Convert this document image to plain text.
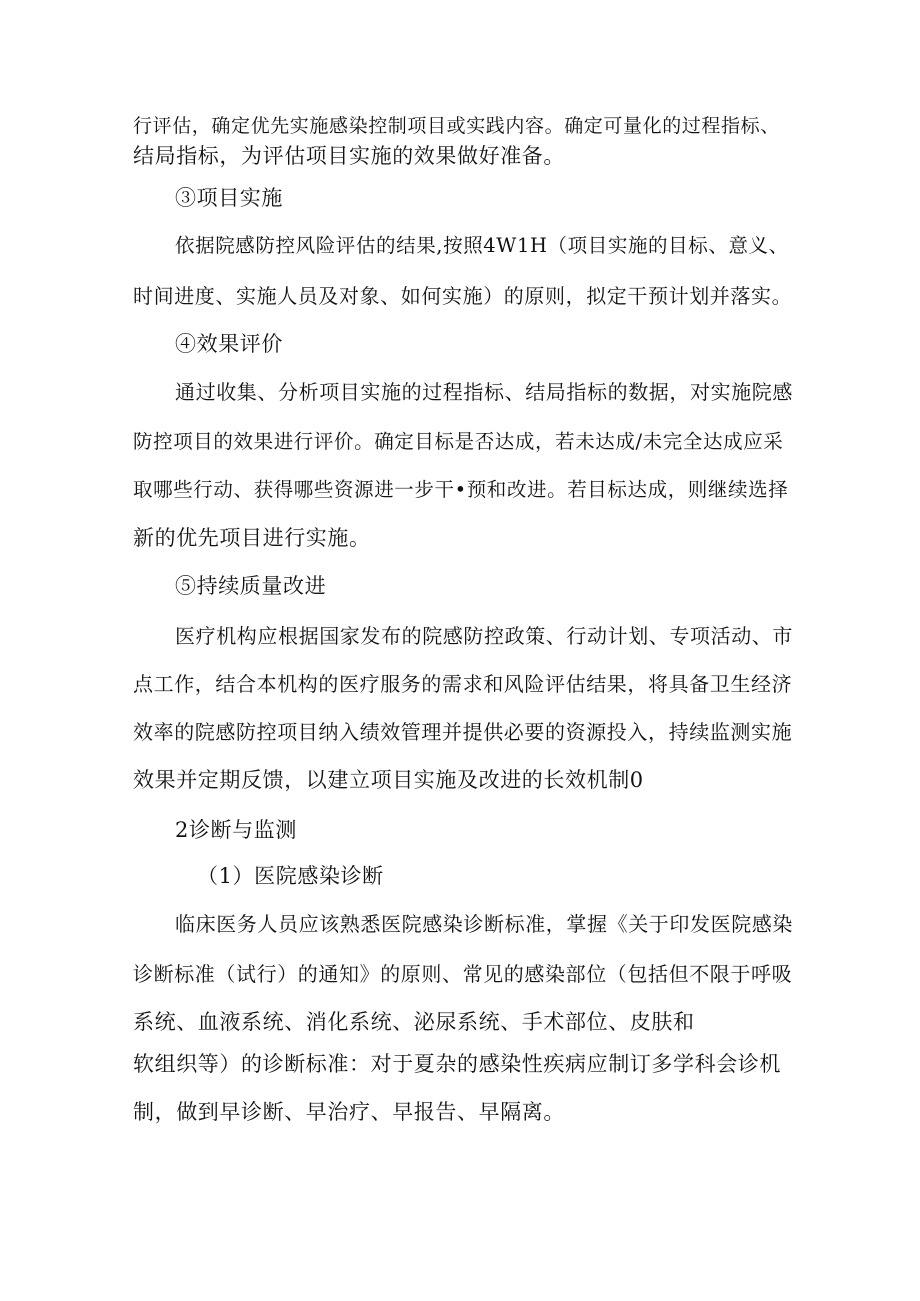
行评估，确定优先实施感染控制项目或实践内容。确定可量化的过程指标、
结局指标，为评估项目实施的效果做好准备。
③项目实施
依据院感防控风险评估的结果,按照4W1H（项目实施的目标、意义、
时间进度、实施人员及对象、如何实施）的原则，拟定干预计划并落实。
④效果评价
通过收集、分析项目实施的过程指标、结局指标的数据，对实施院感
防控项目的效果进行评价。确定目标是否达成，若未达成/未完全达成应采
取哪些行动、获得哪些资源进一步干•预和改进。若目标达成，则继续选择
新的优先项目进行实施。
⑤持续质量改进
医疗机构应根据国家发布的院感防控政策、行动计划、专项活动、市
点工作，结合本机构的医疗服务的需求和风险评估结果，将具备卫生经济
效率的院感防控项目纳入绩效管理并提供必要的资源投入，持续监测实施
效果并定期反馈，以建立项目实施及改进的长效机制0
2诊断与监测
（1）医院感染诊断
临床医务人员应该熟悉医院感染诊断标准，掌握《关于印发医院感染
诊断标准（试行）的通知》的原则、常见的感染部位（包括但不限于呼吸
系统、血液系统、消化系统、泌尿系统、手术部位、皮肤和
软组织等）的诊断标准：对于夏杂的感染性疾病应制订多学科会诊机
制，做到早诊断、早治疗、早报告、早隔离。
